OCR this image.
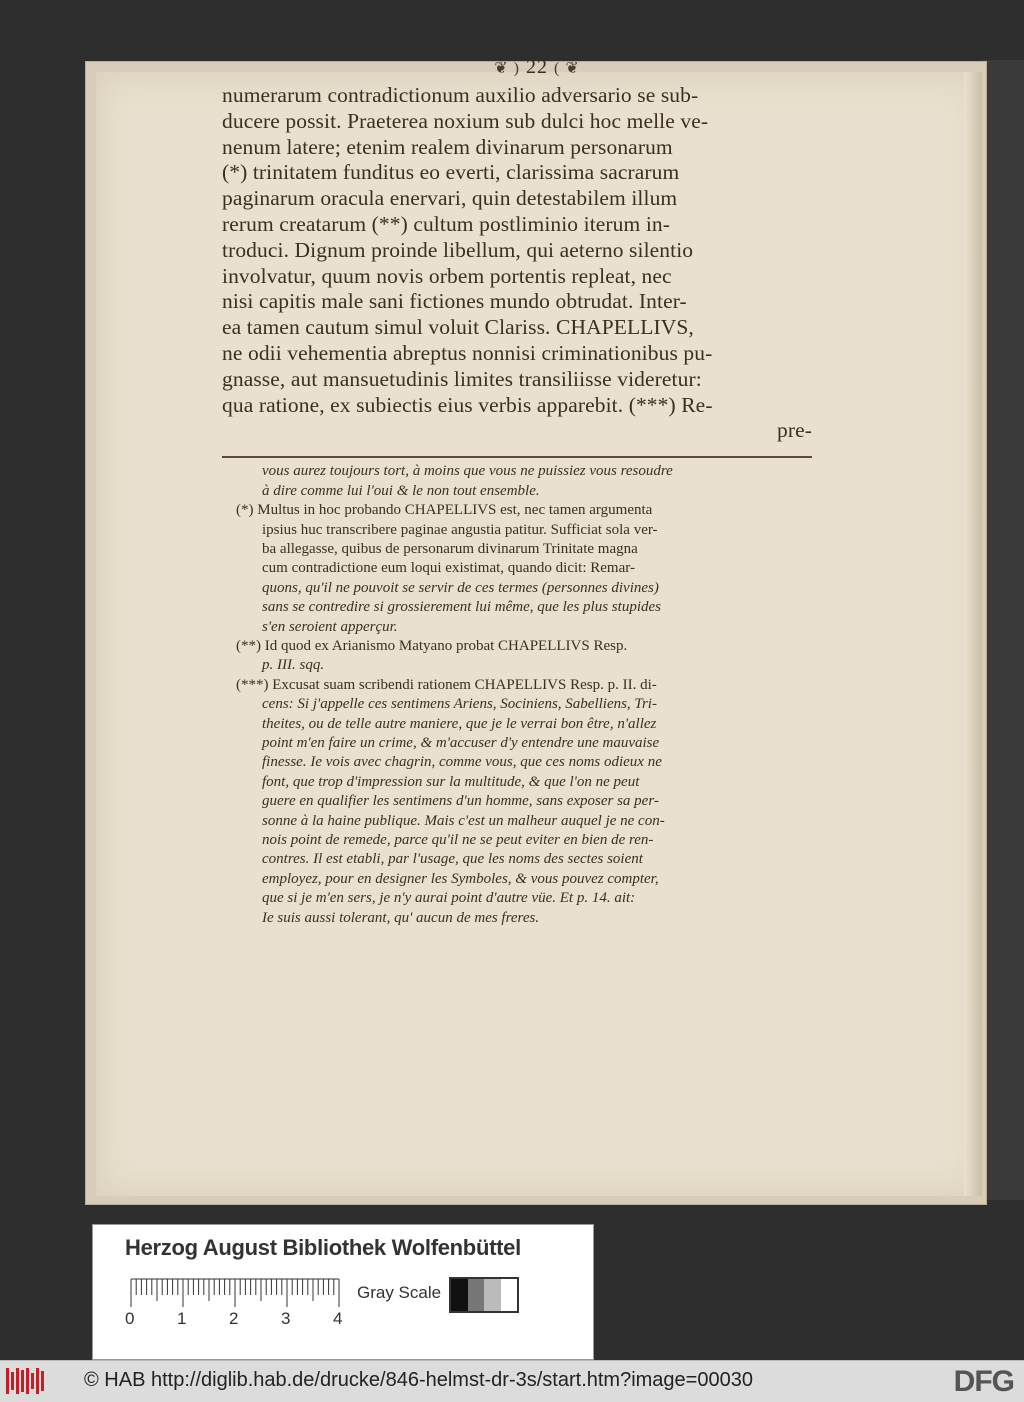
❦ ) 22 ( ❦

numerarum contradictionum auxilio adversario se sub-

ducere possit. Praeterea noxium sub dulci hoc melle ve-

nenum latere; etenim realem divinarum personarum

(*) trinitatem funditus eo everti, clarissima sacrarum

paginarum oracula enervari, quin detestabilem illum

rerum creatarum (**) cultum postliminio iterum in-

troduci. Dignum proinde libellum, qui aeterno silentio

involvatur, quum novis orbem portentis repleat, nec

nisi capitis male sani fictiones mundo obtrudat. Inter-

ea tamen cautum simul voluit Clariss. CHAPELLIVS,

ne odii vehementia abreptus nonnisi criminationibus pu-

gnasse, aut mansuetudinis limites transiliisse videretur:

qua ratione, ex subiectis eius verbis apparebit. (***) Re-

pre-

vous aurez toujours tort, à moins que vous ne puissiez vous resoudre

à dire comme lui l'oui & le non tout ensemble.

(*) Multus in hoc probando CHAPELLIVS est, nec tamen argumenta

ipsius huc transcribere paginae angustia patitur. Sufficiat sola ver-

ba allegasse, quibus de personarum divinarum Trinitate magna

cum contradictione eum loqui existimat, quando dicit: Remar-

quons, qu'il ne pouvoit se servir de ces termes (personnes divines)

sans se contredire si grossierement lui même, que les plus stupides

s'en seroient apperçur.

(**) Id quod ex Arianismo Matyano probat CHAPELLIVS Resp.

p. III. sqq.

(***) Excusat suam scribendi rationem CHAPELLIVS Resp. p. II. di-

cens: Si j'appelle ces sentimens Ariens, Sociniens, Sabelliens, Tri-

theites, ou de telle autre maniere, que je le verrai bon être, n'allez

point m'en faire un crime, & m'accuser d'y entendre une mauvaise

finesse. Ie vois avec chagrin, comme vous, que ces noms odieux ne

font, que trop d'impression sur la multitude, & que l'on ne peut

guere en qualifier les sentimens d'un homme, sans exposer sa per-

sonne à la haine publique. Mais c'est un malheur auquel je ne con-

nois point de remede, parce qu'il ne se peut eviter en bien de ren-

contres. Il est etabli, par l'usage, que les noms des sectes soient

employez, pour en designer les Symboles, & vous pouvez compter,

que si je m'en sers, je n'y aurai point d'autre vüe. Et p. 14. ait:

Ie suis aussi tolerant, qu' aucun de mes freres.

Herzog August Bibliothek Wolfenbüttel
Gray Scale
0	1	2	3	4
© HAB http://diglib.hab.de/drucke/846-helmst-dr-3s/start.htm?image=00030	DFG
